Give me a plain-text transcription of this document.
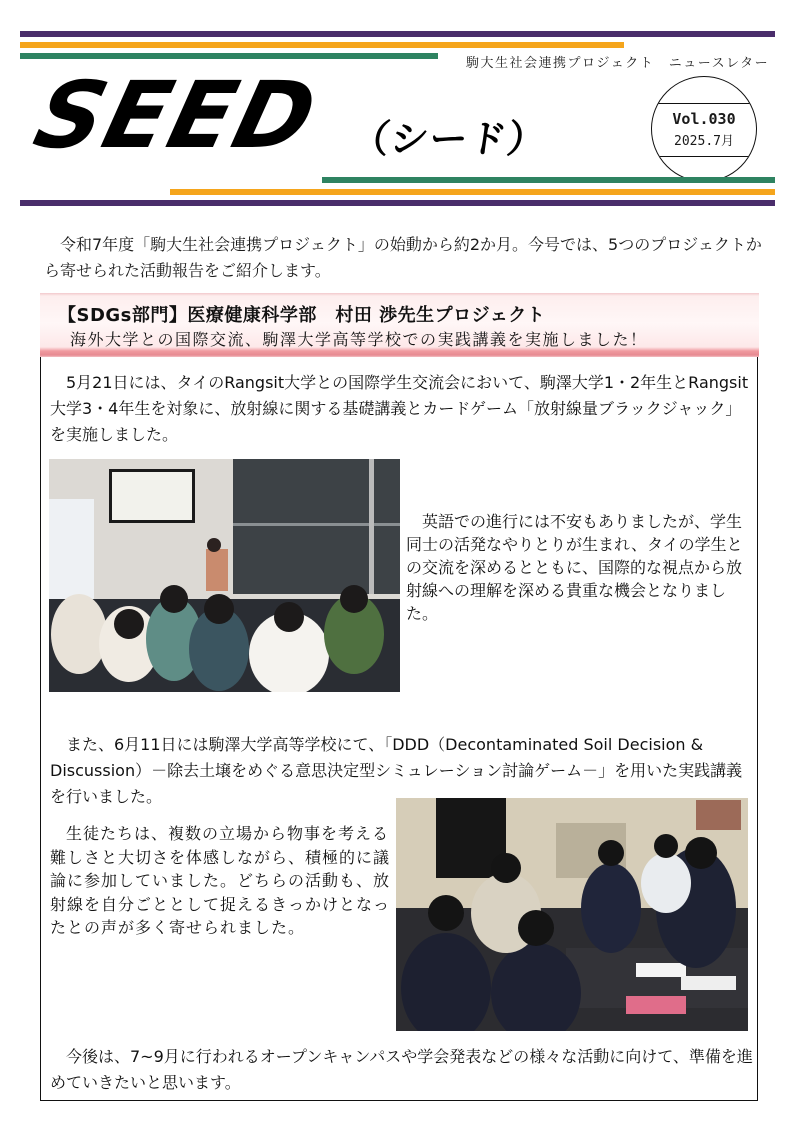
駒大生社会連携プロジェクト　ニュースレター
SEED （シード）	Vol.030
2025.7月
令和7年度「駒大生社会連携プロジェクト」の始動から約2か月。今号では、5つのプロジェクトから寄せられた活動報告をご紹介します。
【SDGs部門】医療健康科学部　村田 渉先生プロジェクト
海外大学との国際交流、駒澤大学高等学校での実践講義を実施しました！
5月21日には、タイのRangsit大学との国際学生交流会において、駒澤大学1・2年生とRangsit大学3・4年生を対象に、放射線に関する基礎講義とカードゲーム「放射線量ブラックジャック」を実施しました。
英語での進行には不安もありましたが、学生同士の活発なやりとりが生まれ、タイの学生との交流を深めるとともに、国際的な視点から放射線への理解を深める貴重な機会となりました。
また、6月11日には駒澤大学高等学校にて、「DDD（Decontaminated Soil Decision & Discussion）－除去土壌をめぐる意思決定型シミュレーション討論ゲーム－」を用いた実践講義を行いました。
生徒たちは、複数の立場から物事を考える難しさと大切さを体感しながら、積極的に議論に参加していました。どちらの活動も、放射線を自分ごととして捉えるきっかけとなったとの声が多く寄せられました。
今後は、7~9月に行われるオープンキャンパスや学会発表などの様々な活動に向けて、準備を進めていきたいと思います。
